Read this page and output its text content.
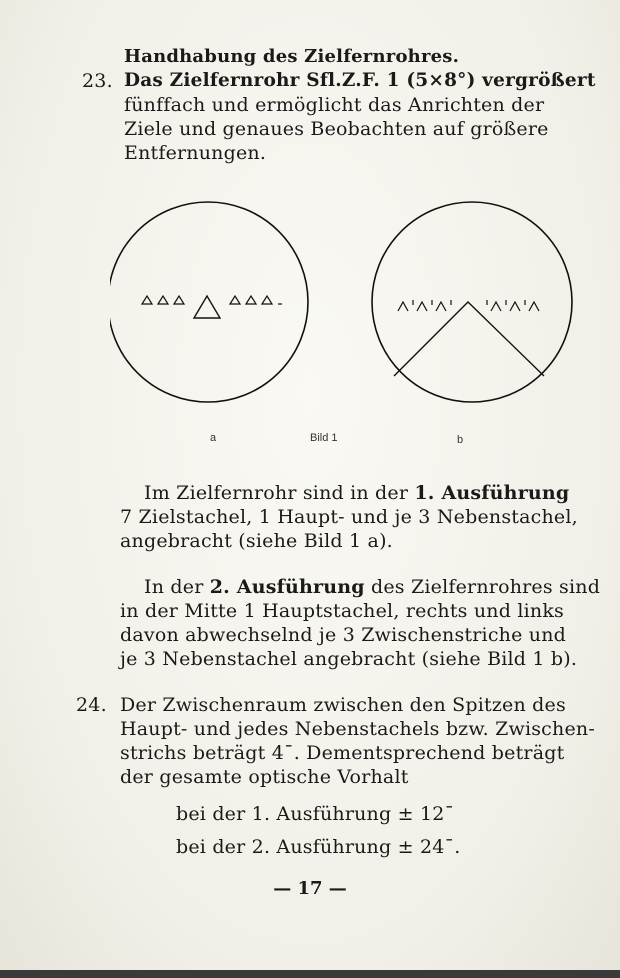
Handhabung des Zielfernrohres.
23. Das Zielfernrohr Sfl.Z.F. 1 (5×8°) vergrößert
fünffach und ermöglicht das Anrichten der
Ziele und genaues Beobachten auf größere
Entfernungen.
a	Bild 1	b
Im Zielfernrohr sind in der 1. Ausführung
7 Zielstachel, 1 Haupt- und je 3 Nebenstachel,
angebracht (siehe Bild 1 a).
In der 2. Ausführung des Zielfernrohres sind
in der Mitte 1 Hauptstachel, rechts und links
davon abwechselnd je 3 Zwischenstriche und
je 3 Nebenstachel angebracht (siehe Bild 1 b).
24. Der Zwischenraum zwischen den Spitzen des
Haupt- und jedes Nebenstachels bzw. Zwischen-
strichs beträgt 4¯. Dementsprechend beträgt
der gesamte optische Vorhalt
bei der 1. Ausführung ± 12¯
bei der 2. Ausführung ± 24¯.
— 17 —
